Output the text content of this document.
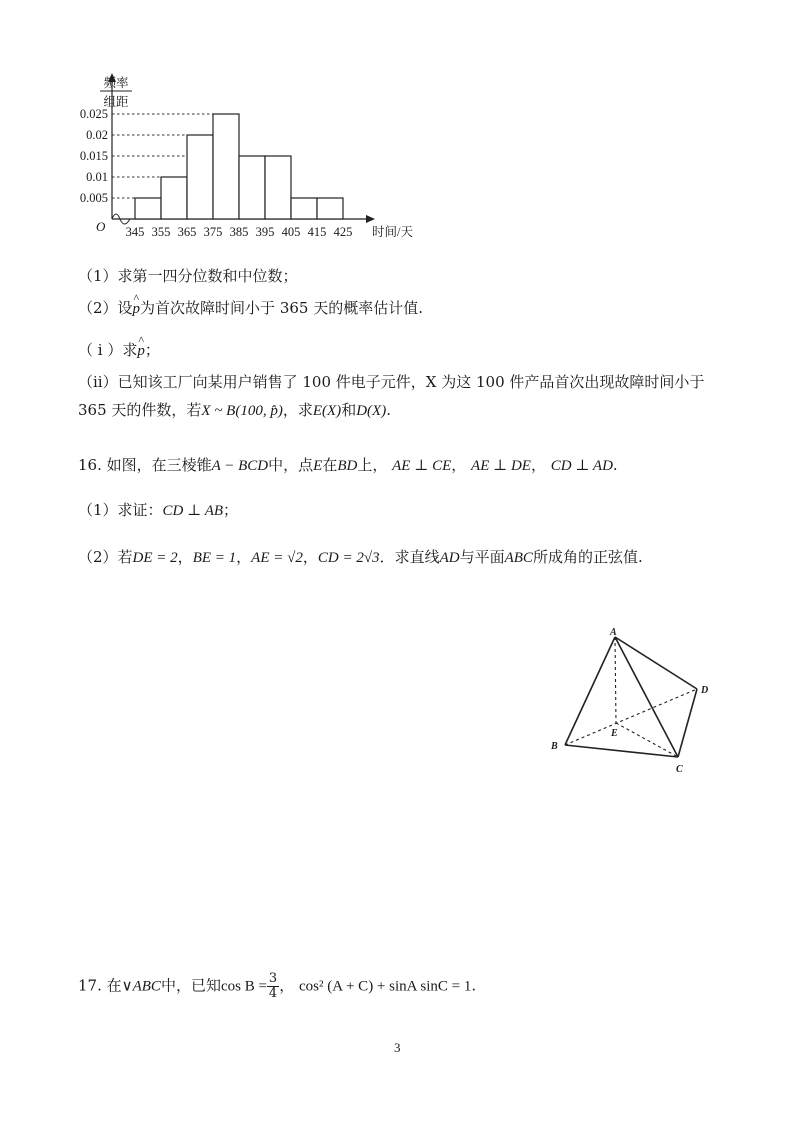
0.005
0.01
0.015
0.02
0.025
345 355 365 375 385 395 405 415 425
O	时间/天
频率
组距
（1）求第一四分位数和中位数；
（2）设^ p为首次故障时间小于 365 天的概率估计值.
（ i ）求^ p；
（ii）已知该工厂向某用户销售了 100 件电子元件，X 为这 100 件产品首次出现故障时间小于
365 天的件数，若X ~ B(100, p̂)，求E(X)和D(X).
16. 如图，在三棱锥A − BCD中，点E在BD上， AE ⊥ CE， AE ⊥ DE， CD ⊥ AD.
（1）求证：CD ⊥ AB；
（2）若DE = 2，BE = 1，AE = √2，CD = 2√3．求直线AD与平面ABC所成角的正弦值.
A
B
C
D
E
17. 在∨ABC中，已知$\cos B = \frac{3}{4}$ ， cos² (A + C) + sinA sinC = 1.
3
